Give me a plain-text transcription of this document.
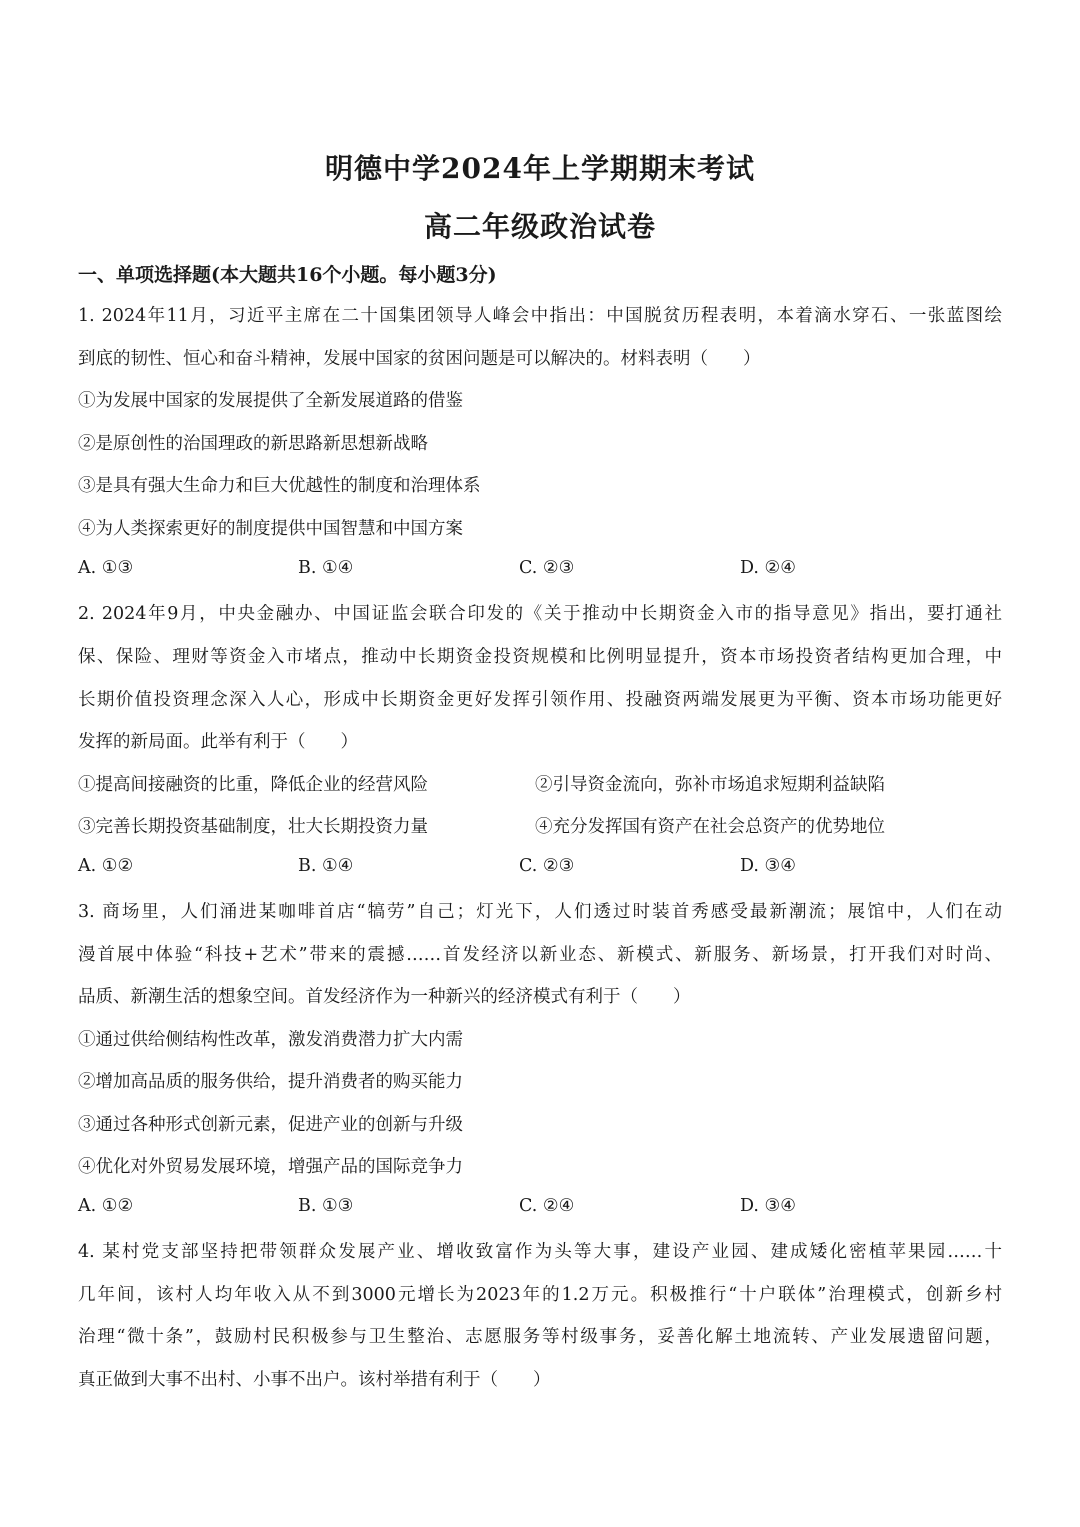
明德中学2024年上学期期末考试
高二年级政治试卷
一、单项选择题(本大题共16个小题。每小题3分)
1. 2024年11月，习近平主席在二十国集团领导人峰会中指出：中国脱贫历程表明，本着滴水穿石、一张蓝图绘
到底的韧性、恒心和奋斗精神，发展中国家的贫困问题是可以解决的。材料表明（　　）
①为发展中国家的发展提供了全新发展道路的借鉴
②是原创性的治国理政的新思路新思想新战略
③是具有强大生命力和巨大优越性的制度和治理体系
④为人类探索更好的制度提供中国智慧和中国方案
A. ①③	B. ①④	C. ②③	D. ②④
2. 2024年9月，中央金融办、中国证监会联合印发的《关于推动中长期资金入市的指导意见》指出，要打通社
保、保险、理财等资金入市堵点，推动中长期资金投资规模和比例明显提升，资本市场投资者结构更加合理，中
长期价值投资理念深入人心，形成中长期资金更好发挥引领作用、投融资两端发展更为平衡、资本市场功能更好
发挥的新局面。此举有利于（　　）
①提高间接融资的比重，降低企业的经营风险	②引导资金流向，弥补市场追求短期利益缺陷
③完善长期投资基础制度，壮大长期投资力量	④充分发挥国有资产在社会总资产的优势地位
A. ①②	B. ①④	C. ②③	D. ③④
3. 商场里，人们涌进某咖啡首店“犒劳”自己；灯光下，人们透过时装首秀感受最新潮流；展馆中，人们在动
漫首展中体验“科技+艺术”带来的震撼……首发经济以新业态、新模式、新服务、新场景，打开我们对时尚、
品质、新潮生活的想象空间。首发经济作为一种新兴的经济模式有利于（　　）
①通过供给侧结构性改革，激发消费潜力扩大内需
②增加高品质的服务供给，提升消费者的购买能力
③通过各种形式创新元素，促进产业的创新与升级
④优化对外贸易发展环境，增强产品的国际竞争力
A. ①②	B. ①③	C. ②④	D. ③④
4. 某村党支部坚持把带领群众发展产业、增收致富作为头等大事，建设产业园、建成矮化密植苹果园……十
几年间，该村人均年收入从不到3000元增长为2023年的1.2万元。积极推行“十户联体”治理模式，创新乡村
治理“微十条”，鼓励村民积极参与卫生整治、志愿服务等村级事务，妥善化解土地流转、产业发展遗留问题，
真正做到大事不出村、小事不出户。该村举措有利于（　　）
